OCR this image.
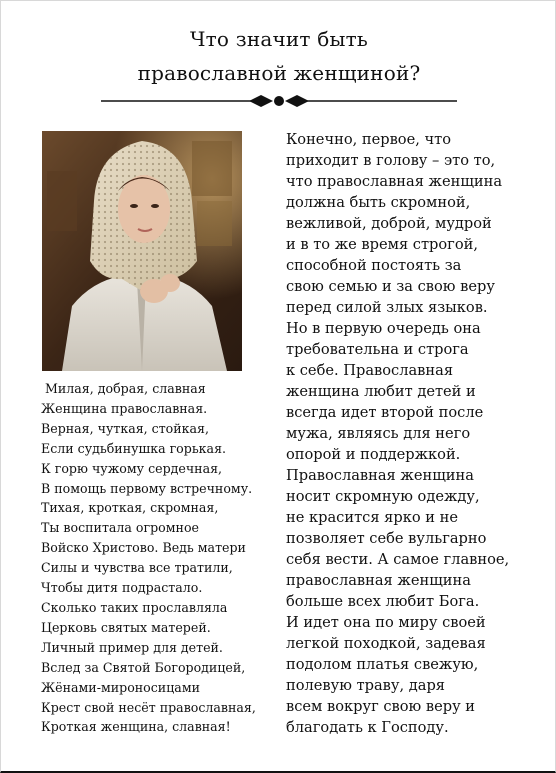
Что значит быть
православной женщиной?
Милая, добрая, славная
Женщина православная.
Верная, чуткая, стойкая,
Если судьбинушка горькая.
К горю чужому сердечная,
В помощь первому встречному.
Тихая, кроткая, скромная,
Ты воспитала огромное
Войско Христово. Ведь матери
Силы и чувства все тратили,
Чтобы дитя подрастало.
Сколько таких прославляла
Церковь святых матерей.
Личный пример для детей.
Вслед за Святой Богородицей,
Жёнами-мироносицами
Крест свой несёт православная,
Кроткая женщина, славная!
Конечно, первое, что
приходит в голову – это то,
что православная женщина
должна быть скромной,
вежливой, доброй, мудрой
и в то же время строгой,
способной постоять за
свою семью и за свою веру
перед силой злых языков.
Но в первую очередь она
требовательна и строга
к себе. Православная
женщина любит детей и
всегда идет второй после
мужа, являясь для него
опорой и поддержкой.
Православная женщина
носит скромную одежду,
не красится ярко и не
позволяет себе вульгарно
себя вести. А самое главное,
православная женщина
больше всех любит Бога.
И идет она по миру своей
легкой походкой, задевая
подолом платья свежую,
полевую траву, даря
всем вокруг свою веру и
благодать к Господу.
